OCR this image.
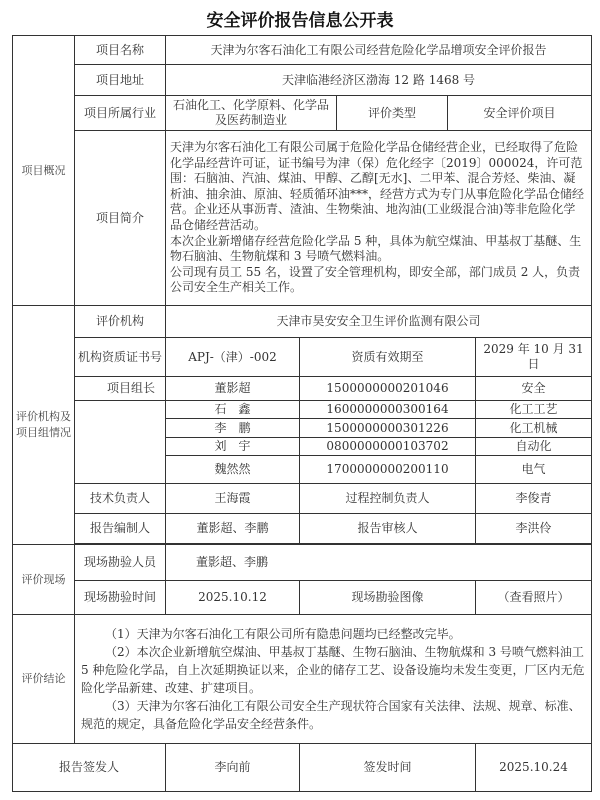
安全评价报告信息公开表
项目概况	项目名称	天津为尔客石油化工有限公司经营危险化学品增项安全评价报告				
	项目地址	天津临港经济区渤海 12 路 1468 号				
	项目所属行业	石油化工、化学原料、化学品及医药制造业		评价类型	安全评价项目	
	项目简介	天津为尔客石油化工有限公司属于危险化学品仓储经营企业，已经取得了危险化学品经营许可证，证书编号为津（保）危化经字〔2019〕000024，许可范围：石脑油、汽油、煤油、甲醇、乙醇[无水]、二甲苯、混合芳烃、柴油、凝析油、抽余油、原油、轻质循环油***，经营方式为专门从事危险化学品仓储经营。企业还从事沥青、渣油、生物柴油、地沟油(工业级混合油)等非危险化学品仓储经营活动。
本次企业新增储存经营危险化学品 5 种，具体为航空煤油、甲基叔丁基醚、生物石脑油、生物航煤和 3 号喷气燃料油。
公司现有员工 55 名，设置了安全管理机构，即安全部，部门成员 2 人，负责公司安全生产相关工作。				

评价机构及项目组情况	评价机构	天津市昊安安全卫生评价监测有限公司				
	机构资质证书号	APJ-（津）-002	资质有效期至			2029 年 10 月 31 日
	项目组长	董影超	1500000000201046			安全
		石　鑫	1600000000300164			化工工艺
		李　鹏	1500000000301226			化工机械
		刘　宇	0800000000103702			自动化
		魏然然	1700000000200110			电气
	技术负责人	王海霞	过程控制负责人			李俊青
	报告编制人	董影超、李鹏	报告审核人			李洪伶

评价现场	现场勘验人员	董影超、李鹏				
	现场勘验时间	2025.10.12	现场勘验图像			（查看照片）
评价结论	（1）天津为尔客石油化工有限公司所有隐患问题均已经整改完毕。

（2）本次企业新增航空煤油、甲基叔丁基醚、生物石脑油、生物航煤和 3 号喷气燃料油工 5 种危险化学品，自上次延期换证以来，企业的储存工艺、设备设施均未发生变更，厂区内无危险化学品新建、改建、扩建项目。

（3）天津为尔客石油化工有限公司安全生产现状符合国家有关法律、法规、规章、标准、规范的规定，具备危险化学品安全经营条件。					

报告签发人		李向前	签发时间			2025.10.24
